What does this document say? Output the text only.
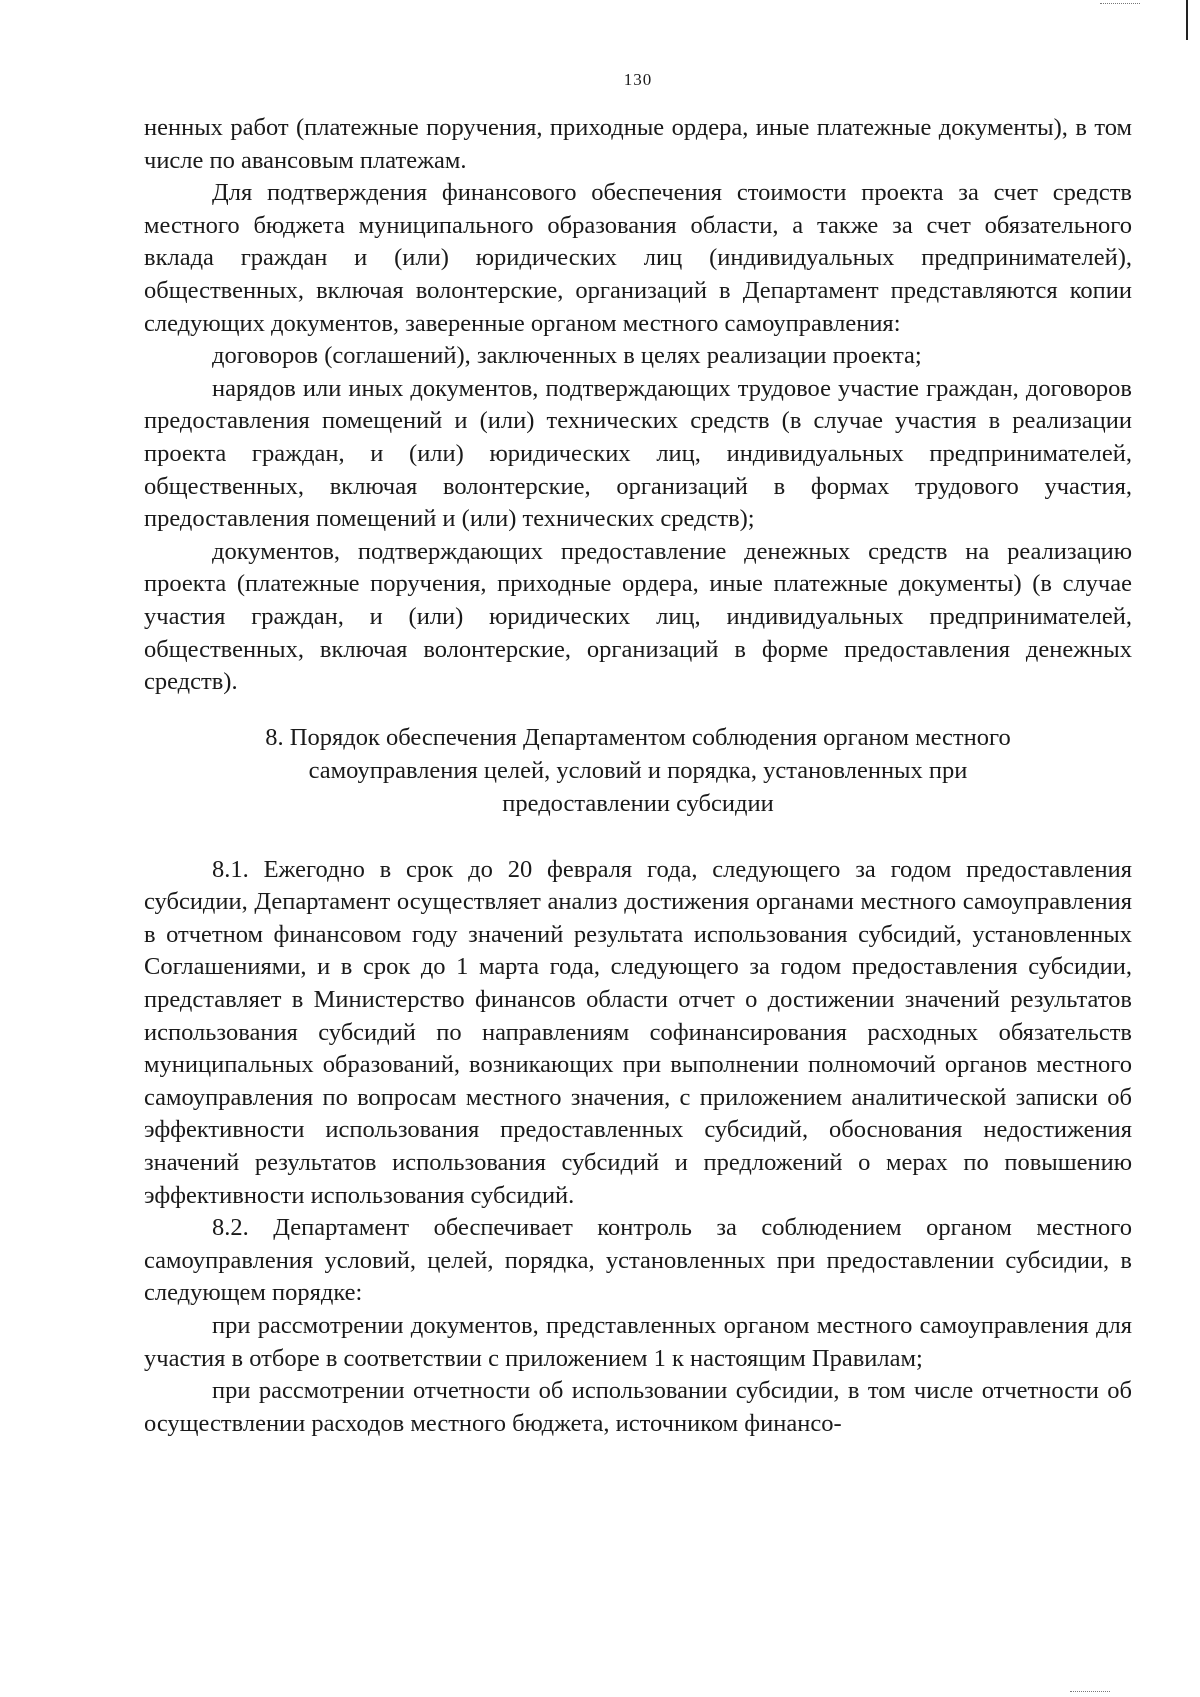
130

ненных работ (платежные поручения, приходные ордера, иные платежные документы), в том числе по авансовым платежам.

Для подтверждения финансового обеспечения стоимости проекта за счет средств местного бюджета муниципального образования области, а также за счет обязательного вклада граждан и (или) юридических лиц (индивидуальных предпринимателей), общественных, включая волонтерские, организаций в Департамент представляются копии следующих документов, заверенные органом местного самоуправления:

договоров (соглашений), заключенных в целях реализации проекта;

нарядов или иных документов, подтверждающих трудовое участие граждан, договоров предоставления помещений и (или) технических средств (в случае участия в реализации проекта граждан, и (или) юридических лиц, индивидуальных предпринимателей, общественных, включая волонтерские, организаций в формах трудового участия, предоставления помещений и (или) технических средств);

документов, подтверждающих предоставление денежных средств на реализацию проекта (платежные поручения, приходные ордера, иные платежные документы) (в случае участия граждан, и (или) юридических лиц, индивидуальных предпринимателей, общественных, включая волонтерские, организаций в форме предоставления денежных средств).

8. Порядок обеспечения Департаментом соблюдения органом местного самоуправления целей, условий и порядка, установленных при предоставлении субсидии

8.1. Ежегодно в срок до 20 февраля года, следующего за годом предоставления субсидии, Департамент осуществляет анализ достижения органами местного самоуправления в отчетном финансовом году значений результата использования субсидий, установленных Соглашениями, и в срок до 1 марта года, следующего за годом предоставления субсидии, представляет в Министерство финансов области отчет о достижении значений результатов использования субсидий по направлениям софинансирования расходных обязательств муниципальных образований, возникающих при выполнении полномочий органов местного самоуправления по вопросам местного значения, с приложением аналитической записки об эффективности использования предоставленных субсидий, обоснования недостижения значений результатов использования субсидий и предложений о мерах по повышению эффективности использования субсидий.

8.2. Департамент обеспечивает контроль за соблюдением органом местного самоуправления условий, целей, порядка, установленных при предоставлении субсидии, в следующем порядке:

при рассмотрении документов, представленных органом местного самоуправления для участия в отборе в соответствии с приложением 1 к настоящим Правилам;

при рассмотрении отчетности об использовании субсидии, в том числе отчетности об осуществлении расходов местного бюджета, источником финансо-
